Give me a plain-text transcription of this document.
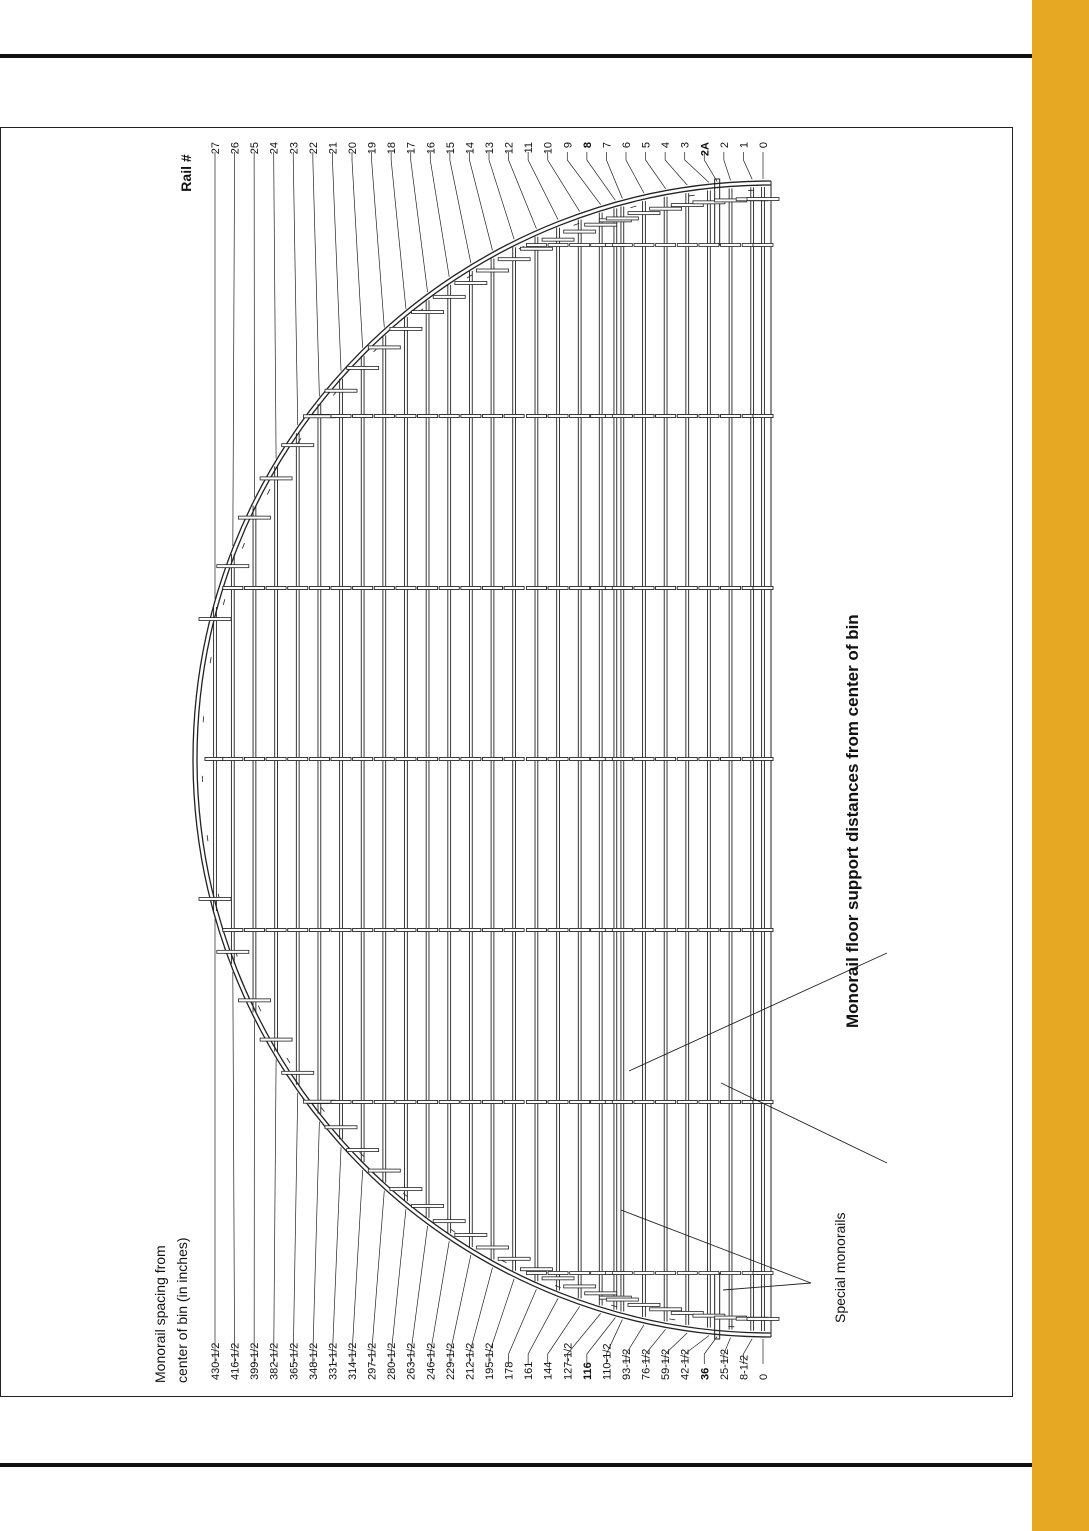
27
430-1/2
26
416-1/2
25
399-1/2
24
382-1/2
23
365-1/2
22
348-1/2
21
331-1/2
20
314-1/2
19
297-1/2
18
280-1/2
17
263-1/2
16
246-1/2
15
229-1/2
14
212-1/2
13
195-1/2
12
178
11
161
10
144
9
127-1/2
8
116
7
110-1/2
6
93-1/2
5
76-1/2
4
59-1/2
3
42-1/2
2A
36
2
25-1/2
1
8-1/2
0
0
Rail #
Monorail spacing from center of bin (in inches)
Monorail floor support distances from center of bin
Special monorails
